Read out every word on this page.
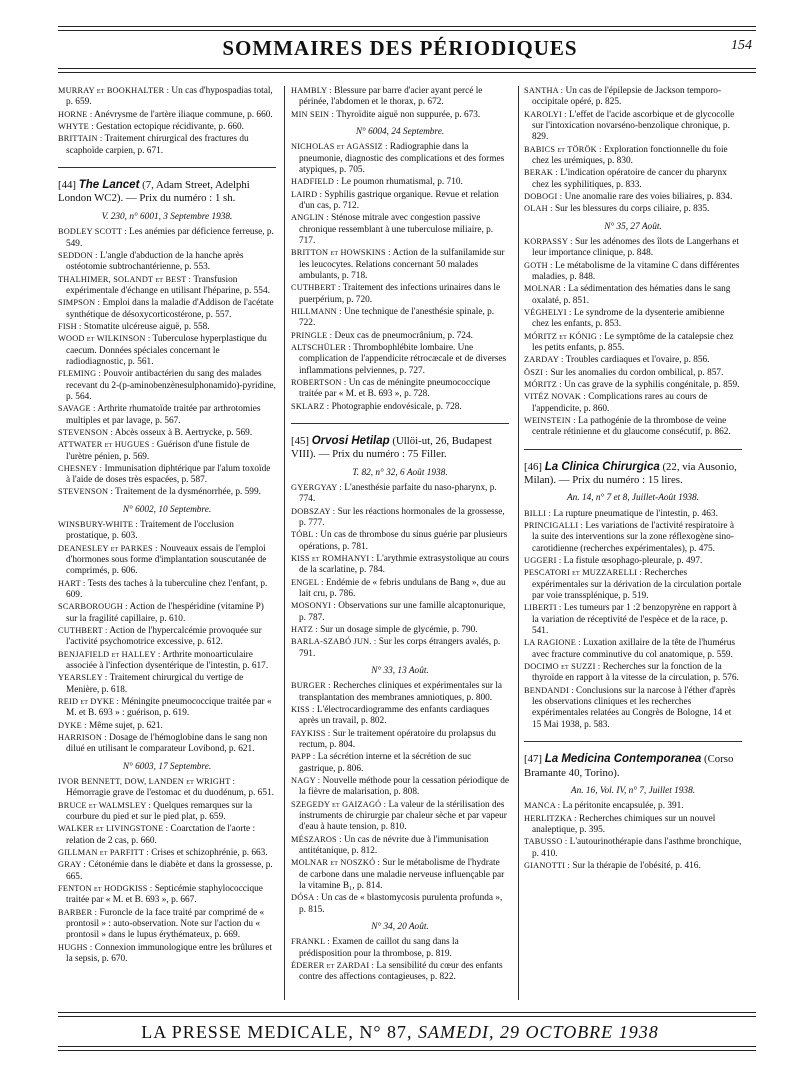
SOMMAIRES DES PÉRIODIQUES	154
MURRAY et BOOKHALTER : Un cas d'hypospadias total, p. 659.
HORNE : Anévrysme de l'artère iliaque commune, p. 660.
WHYTE : Gestation ectopique récidivante, p. 660.
BRITTAIN : Traitement chirurgical des fractures du scaphoïde carpien, p. 671.
[44] The Lancet (7, Adam Street, Adelphi London WC2). — Prix du numéro : 1 sh.
V. 230, n° 6001, 3 Septembre 1938.
BODLEY SCOTT : Les anémies par déficience ferreuse, p. 549.
SEDDON : L'angle d'abduction de la hanche après ostéotomie subtrochantérienne, p. 553.
THALHIMER, SOLANDT et BEST : Transfusion expérimentale d'échange en utilisant l'héparine, p. 554.
SIMPSON : Emploi dans la maladie d'Addison de l'acétate synthétique de désoxycorticostérone, p. 557.
FISH : Stomatite ulcéreuse aiguë, p. 558.
WOOD et WILKINSON : Tuberculose hyperplastique du caecum. Données spéciales concernant le radiodiagnostic, p. 561.
FLEMING : Pouvoir antibactérien du sang des malades recevant du 2-(p-aminobenzènesulphonamido)-pyridine, p. 564.
SAVAGE : Arthrite rhumatoïde traitée par arthrotomies multiples et par lavage, p. 567.
STEVENSON : Abcès osseux à B. Aertrycke, p. 569.
ATTWATER et HUGUES : Guérison d'une fistule de l'urètre pénien, p. 569.
CHESNEY : Immunisation diphtérique par l'alum toxoïde à l'aide de doses très espacées, p. 587.
STEVENSON : Traitement de la dysménorrhée, p. 599.
N° 6002, 10 Septembre.
WINSBURY-WHITE : Traitement de l'occlusion prostatique, p. 603.
DEANESLEY et PARKES : Nouveaux essais de l'emploi d'hormones sous forme d'implantation souscutanée de comprimés, p. 606.
HART : Tests des taches à la tuberculine chez l'enfant, p. 609.
SCARBOROUGH : Action de l'hespéridine (vitamine P) sur la fragilité capillaire, p. 610.
CUTHBERT : Action de l'hypercalcémie provoquée sur l'activité psychomotrice excessive, p. 612.
BENJAFIELD et HALLEY : Arthrite monoarticulaire associée à l'infection dysentérique de l'intestin, p. 617.
YEARSLEY : Traitement chirurgical du vertige de Menière, p. 618.
REID et DYKE : Méningite pneumococcique traitée par « M. et B. 693 » : guérison, p. 619.
DYKE : Même sujet, p. 621.
HARRISON : Dosage de l'hémoglobine dans le sang non dilué en utilisant le comparateur Lovibond, p. 621.
N° 6003, 17 Septembre.
IVOR BENNETT, DOW, LANDEN et WRIGHT : Hémorragie grave de l'estomac et du duodénum, p. 651.
BRUCE et WALMSLEY : Quelques remarques sur la courbure du pied et sur le pied plat, p. 659.
WALKER et LIVINGSTONE : Coarctation de l'aorte : relation de 2 cas, p. 660.
GILLMAN et PARFITT : Crises et schizophrénie, p. 663.
GRAY : Cétonémie dans le diabète et dans la grossesse, p. 665.
FENTON et HODGKISS : Septicémie staphylococcique traitée par « M. et B. 693 », p. 667.
BARBER : Furoncle de la face traité par comprimé de « prontosil » : auto-observation. Note sur l'action du « prontosil » dans le lupus érythémateux, p. 669.
HUGHS : Connexion immunologique entre les brûlures et la sepsis, p. 670.
HAMBLY : Blessure par barre d'acier ayant percé le périnée, l'abdomen et le thorax, p. 672.
MIN SEIN : Thyroïdite aiguë non suppurée, p. 673.
N° 6004, 24 Septembre.
NICHOLAS et AGASSIZ : Radiographie dans la pneumonie, diagnostic des complications et des formes atypiques, p. 705.
HADFIELD : Le poumon rhumatismal, p. 710.
LAIRD : Syphilis gastrique organique. Revue et relation d'un cas, p. 712.
ANGLIN : Sténose mitrale avec congestion passive chronique ressemblant à une tuberculose miliaire, p. 717.
BRITTON et HOWSKINS : Action de la sulfanilamide sur les leucocytes. Relations concernant 50 malades ambulants, p. 718.
CUTHBERT : Traitement des infections urinaires dans le puerpérium, p. 720.
HILLMANN : Une technique de l'anesthésie spinale, p. 722.
PRINGLE : Deux cas de pneumocrânium, p. 724.
ALTSCHÜLER : Thrombophlébite lombaire. Une complication de l'appendicite rétrocæcale et de diverses inflammations pelviennes, p. 727.
ROBERTSON : Un cas de méningite pneumococcique traitée par « M. et B. 693 », p. 728.
SKLARZ : Photographie endovésicale, p. 728.
[45] Orvosi Hetilap (Ullöi-ut, 26, Budapest VIII). — Prix du numéro : 75 Filler.
T. 82, n° 32, 6 Août 1938.
GYERGYAY : L'anesthésie parfaite du naso-pharynx, p. 774.
DOBSZAY : Sur les réactions hormonales de la grossesse, p. 777.
TÓBL : Un cas de thrombose du sinus guérie par plusieurs opérations, p. 781.
KISS et ROMHANYI : L'arythmie extrasystolique au cours de la scarlatine, p. 784.
ENGEL : Endémie de « febris undulans de Bang », due au lait cru, p. 786.
MOSONYI : Observations sur une famille alcaptonurique, p. 787.
HATZ : Sur un dosage simple de glycémie, p. 790.
BARLA-SZABÓ JUN. : Sur les corps étrangers avalés, p. 791.
N° 33, 13 Août.
BURGER : Recherches cliniques et expérimentales sur la transplantation des membranes amniotiques, p. 800.
KISS : L'électrocardiogramme des enfants cardiaques après un travail, p. 802.
FAYKISS : Sur le traitement opératoire du prolapsus du rectum, p. 804.
PAPP : La sécrétion interne et la sécrétion de suc gastrique, p. 806.
NAGY : Nouvelle méthode pour la cessation périodique de la fièvre de malarisation, p. 808.
SZEGEDY et GAIZAGÓ : La valeur de la stérilisation des instruments de chirurgie par chaleur sèche et par vapeur d'eau à haute tension, p. 810.
MÉSZAROS : Un cas de névrite due à l'immunisation antitétanique, p. 812.
MOLNAR et NOSZKÓ : Sur le métabolisme de l'hydrate de carbone dans une maladie nerveuse influençable par la vitamine B₁, p. 814.
DÓSA : Un cas de « blastomycosis purulenta profunda », p. 815.
N° 34, 20 Août.
FRANKL : Examen de caillot du sang dans la prédisposition pour la thrombose, p. 819.
ÉDERER et ZARDAI : La sensibilité du cœur des enfants contre des affections contagieuses, p. 822.
SANTHA : Un cas de l'épilepsie de Jackson temporo-occipitale opéré, p. 825.
KAROLYI : L'effet de l'acide ascorbique et de glycocolle sur l'intoxication novarséno-benzolique chronique, p. 829.
BABICS et TÖRÖK : Exploration fonctionnelle du foie chez les urémiques, p. 830.
BERAK : L'indication opératoire de cancer du pharynx chez les syphilitiques, p. 833.
DOBOGI : Une anomalie rare des voies biliaires, p. 834.
OLAH : Sur les blessures du corps ciliaire, p. 835.
N° 35, 27 Août.
KORPASSY : Sur les adénomes des îlots de Langerhans et leur importance clinique, p. 848.
GOTH : Le métabolisme de la vitamine C dans différentes maladies, p. 848.
MOLNAR : La sédimentation des hématies dans le sang oxalaté, p. 851.
VÉGHELYI : Le syndrome de la dysenterie amibienne chez les enfants, p. 853.
MÓRITZ et KÓNIG : Le symptôme de la catalepsie chez les petits enfants, p. 855.
ZARDAY : Troubles cardiaques et l'ovaire, p. 856.
ÖSZI : Sur les anomalies du cordon ombilical, p. 857.
MÓRITZ : Un cas grave de la syphilis congénitale, p. 859.
VITÉZ NOVAK : Complications rares au cours de l'appendicite, p. 860.
WEINSTEIN : La pathogénie de la thrombose de veine centrale rétinienne et du glaucome consécutif, p. 862.
[46] La Clinica Chirurgica (22, via Ausonio, Milan). — Prix du numéro : 15 lires.
An. 14, n° 7 et 8, Juillet-Août 1938.
BILLI : La rupture pneumatique de l'intestin, p. 463.
PRINCIGALLI : Les variations de l'activité respiratoire à la suite des interventions sur la zone réflexogène sino-carotidienne (recherches expérimentales), p. 475.
UGGERI : La fistule œsophago-pleurale, p. 497.
PESCATORI et MUZZARELLI : Recherches expérimentales sur la dérivation de la circulation portale par voie transsplénique, p. 519.
LIBERTI : Les tumeurs par 1 :2 benzopyrène en rapport à la variation de réceptivité de l'espèce et de la race, p. 541.
LA RAGIONE : Luxation axillaire de la tête de l'humérus avec fracture comminutive du col anatomique, p. 559.
DOCIMO et SUZZI : Recherches sur la fonction de la thyroïde en rapport à la vitesse de la circulation, p. 576.
BENDANDI : Conclusions sur la narcose à l'éther d'après les observations cliniques et les recherches expérimentales relatées au Congrès de Bologne, 14 et 15 Mai 1938, p. 583.
[47] La Medicina Contemporanea (Corso Bramante 40, Torino).
An. 16, Vol. IV, n° 7, Juillet 1938.
MANCA : La péritonite encapsulée, p. 391.
HERLITZKA : Recherches chimiques sur un nouvel analeptique, p. 395.
TABUSSO : L'autourinothérapie dans l'asthme bronchique, p. 410.
GIANOTTI : Sur la thérapie de l'obésité, p. 416.
LA PRESSE MEDICALE, N° 87, SAMEDI, 29 OCTOBRE 1938
